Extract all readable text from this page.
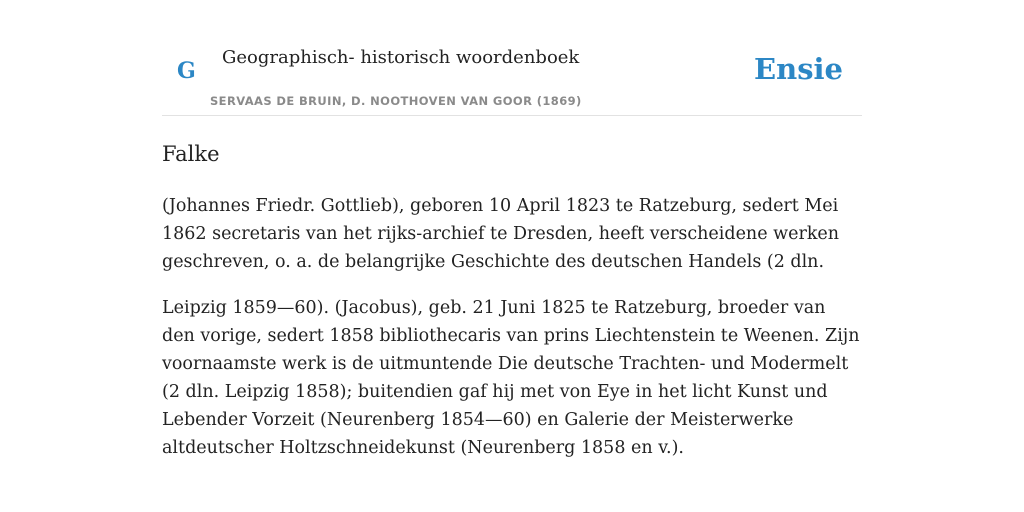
G
Geographisch- historisch woordenboek
SERVAAS DE BRUIN, D. NOOTHOVEN VAN GOOR (1869)
Ensie
Falke

(Johannes Friedr. Gottlieb), geboren 10 April 1823 te Ratzeburg, sedert Mei 1862 secretaris van het rijks-archief te Dresden, heeft verscheidene werken geschreven, o. a. de belangrijke Geschichte des deutschen Handels (2 dln.

Leipzig 1859—60). (Jacobus), geb. 21 Juni 1825 te Ratzeburg, broeder van den vorige, sedert 1858 bibliothecaris van prins Liechtenstein te Weenen. Zijn voornaamste werk is de uitmuntende Die deutsche Trachten- und Modermelt (2 dln. Leipzig 1858); buitendien gaf hij met von Eye in het licht Kunst und Lebender Vorzeit (Neurenberg 1854—60) en Galerie der Meisterwerke altdeutscher Holtzschneidekunst (Neurenberg 1858 en v.).
